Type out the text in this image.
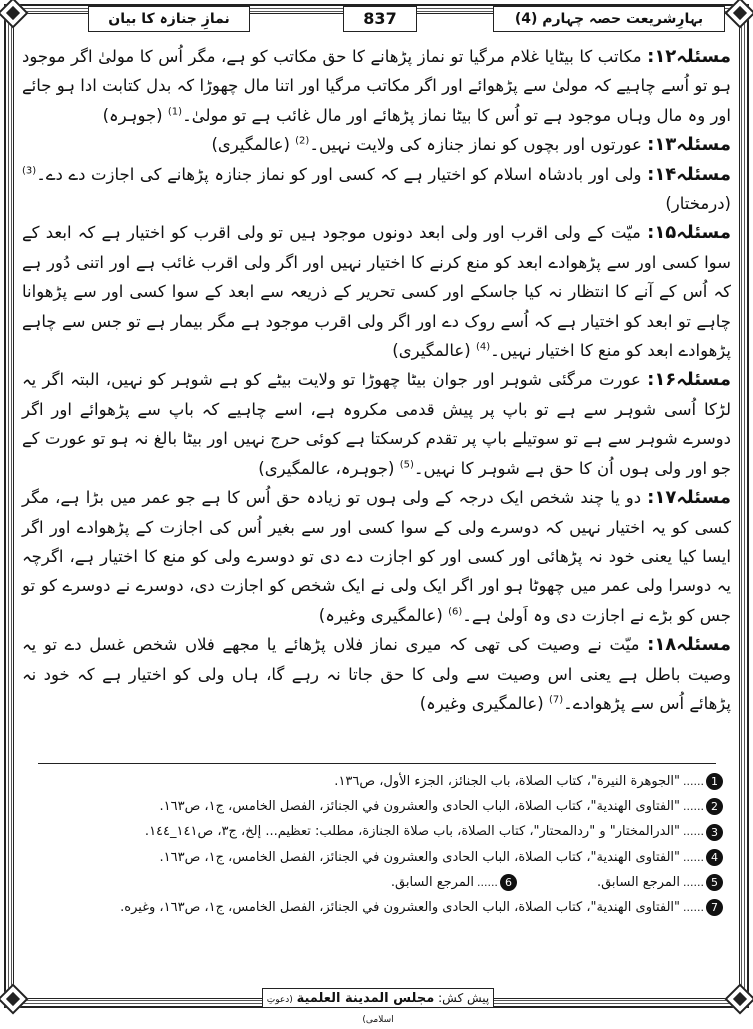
بہارِشریعت حصہ چہارم (4)
837
نمازِ جنازہ کا بیان

مسئلہ۱۲: مکاتب کا بیٹایا غلام مرگیا تو نماز پڑھانے کا حق مکاتب کو ہے، مگر اُس کا مولیٰ اگر موجود ہو تو اُسے چاہیے کہ مولیٰ سے پڑھوائے اور اگر مکاتب مرگیا اور اتنا مال چھوڑا کہ بدل کتابت ادا ہو جائے اور وہ مال وہاں موجود ہے تو اُس کا بیٹا نماز پڑھائے اور مال غائب ہے تو مولیٰ۔$^{(1)}$ (جوہرہ)

مسئلہ۱۳: عورتوں اور بچوں کو نماز جنازہ کی ولایت نہیں۔$^{(2)}$ (عالمگیری)

مسئلہ۱۴: ولی اور بادشاہ اسلام کو اختیار ہے کہ کسی اور کو نماز جنازہ پڑھانے کی اجازت دے دے۔$^{(3)}$ (درمختار)

مسئلہ۱۵: میّت کے ولی اقرب اور ولی ابعد دونوں موجود ہیں تو ولی اقرب کو اختیار ہے کہ ابعد کے سوا کسی اور سے پڑھوادے ابعد کو منع کرنے کا اختیار نہیں اور اگر ولی اقرب غائب ہے اور اتنی دُور ہے کہ اُس کے آنے کا انتظار نہ کیا جاسکے اور کسی تحریر کے ذریعہ سے ابعد کے سوا کسی اور سے پڑھوانا چاہے تو ابعد کو اختیار ہے کہ اُسے روک دے اور اگر ولی اقرب موجود ہے مگر بیمار ہے تو جس سے چاہے پڑھوادے ابعد کو منع کا اختیار نہیں۔$^{(4)}$ (عالمگیری)

مسئلہ۱۶: عورت مرگئی شوہر اور جوان بیٹا چھوڑا تو ولایت بیٹے کو ہے شوہر کو نہیں، البتہ اگر یہ لڑکا اُسی شوہر سے ہے تو باپ پر پیش قدمی مکروہ ہے، اسے چاہیے کہ باپ سے پڑھوائے اور اگر دوسرے شوہر سے ہے تو سوتیلے باپ پر تقدم کرسکتا ہے کوئی حرج نہیں اور بیٹا بالغ نہ ہو تو عورت کے جو اور ولی ہوں اُن کا حق ہے شوہر کا نہیں۔$^{(5)}$ (جوہرہ، عالمگیری)

مسئلہ۱۷: دو یا چند شخص ایک درجہ کے ولی ہوں تو زیادہ حق اُس کا ہے جو عمر میں بڑا ہے، مگر کسی کو یہ اختیار نہیں کہ دوسرے ولی کے سوا کسی اور سے بغیر اُس کی اجازت کے پڑھوادے اور اگر ایسا کیا یعنی خود نہ پڑھائی اور کسی اور کو اجازت دے دی تو دوسرے ولی کو منع کا اختیار ہے، اگرچہ یہ دوسرا ولی عمر میں چھوٹا ہو اور اگر ایک ولی نے ایک شخص کو اجازت دی، دوسرے نے دوسرے کو تو جس کو بڑے نے اجازت دی وہ اَولیٰ ہے۔$^{(6)}$ (عالمگیری وغیرہ)

مسئلہ۱۸: میّت نے وصیت کی تھی کہ میری نماز فلاں پڑھائے یا مجھے فلاں شخص غسل دے تو یہ وصیت باطل ہے یعنی اس وصیت سے ولی کا حق جاتا نہ رہے گا، ہاں ولی کو اختیار ہے کہ خود نہ پڑھائے اُس سے پڑھوادے۔$^{(7)}$ (عالمگیری وغیرہ)

1
......
"الجوهرة النيرة"، كتاب الصلاة، باب الجنائز، الجزء الأول، ص١٣٦.
2
......
"الفتاوى الهندية"، كتاب الصلاة، الباب الحادى والعشرون في الجنائز، الفصل الخامس، ج١، ص١٦٣.
3
......
"الدرالمختار" و "ردالمحتار"، كتاب الصلاة، باب صلاة الجنازة، مطلب: تعظيم... إلخ، ج٣، ص١٤١_١٤٤.
4
......
"الفتاوى الهندية"، كتاب الصلاة، الباب الحادى والعشرون في الجنائز، الفصل الخامس، ج١، ص١٦٣.
5
......
المرجع السابق.
6
......
المرجع السابق.
7
......
"الفتاوى الهندية"، كتاب الصلاة، الباب الحادى والعشرون في الجنائز، الفصل الخامس، ج١، ص١٦٣، وغيره.
پیش کش: مجلس المدينة العلمية (دعوتِ اسلامی)
